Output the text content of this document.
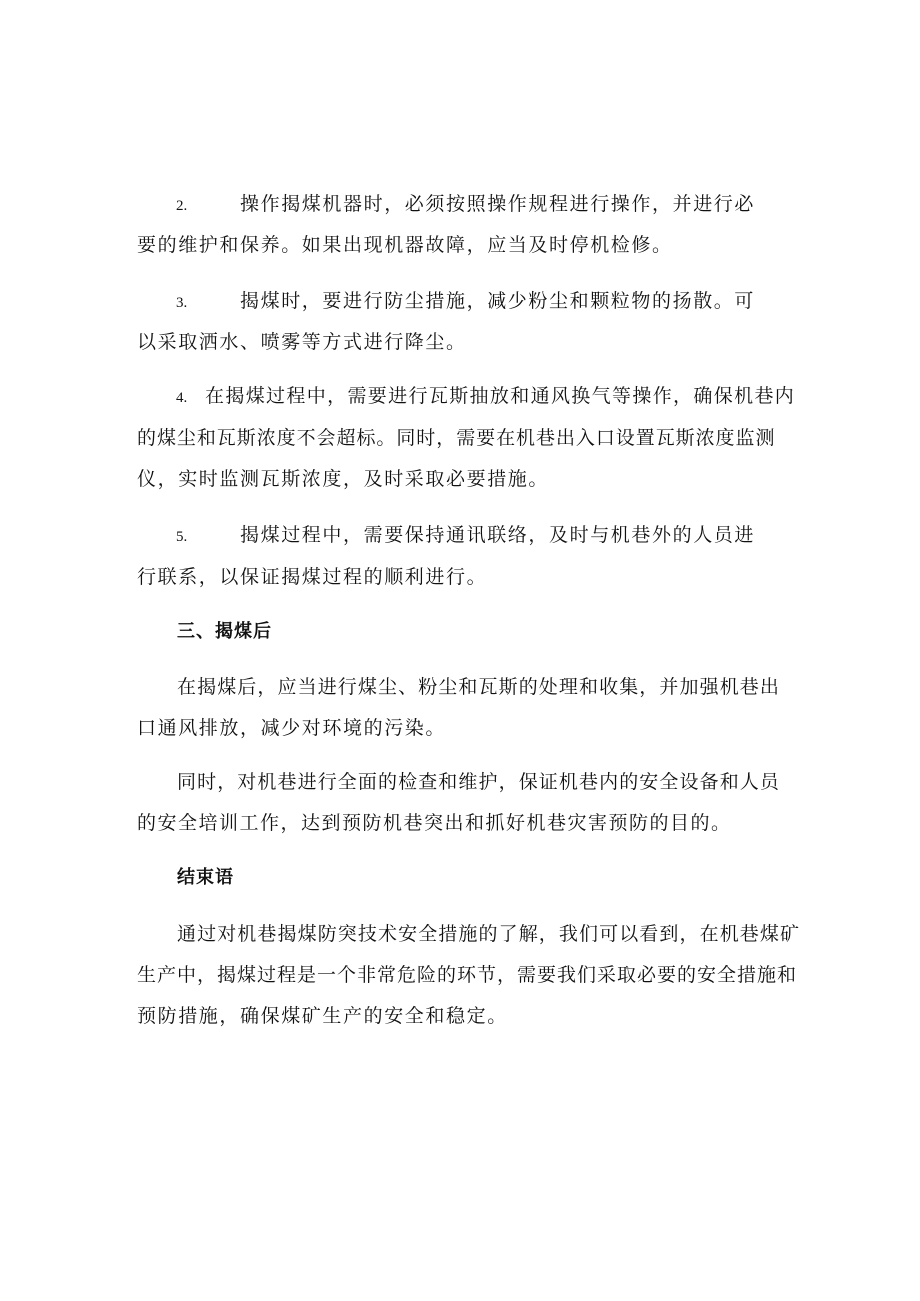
2.	操作揭煤机器时，必须按照操作规程进行操作，并进行必
要的维护和保养。如果出现机器故障，应当及时停机检修。
3.	揭煤时，要进行防尘措施，减少粉尘和颗粒物的扬散。可
以采取洒水、喷雾等方式进行降尘。
4. 在揭煤过程中，需要进行瓦斯抽放和通风换气等操作，确保机巷内
的煤尘和瓦斯浓度不会超标。同时，需要在机巷出入口设置瓦斯浓度监测
仪，实时监测瓦斯浓度，及时采取必要措施。
5.	揭煤过程中，需要保持通讯联络，及时与机巷外的人员进
行联系，以保证揭煤过程的顺利进行。
三、揭煤后
在揭煤后，应当进行煤尘、粉尘和瓦斯的处理和收集，并加强机巷出
口通风排放，减少对环境的污染。
同时，对机巷进行全面的检查和维护，保证机巷内的安全设备和人员
的安全培训工作，达到预防机巷突出和抓好机巷灾害预防的目的。
结束语
通过对机巷揭煤防突技术安全措施的了解，我们可以看到，在机巷煤矿
生产中，揭煤过程是一个非常危险的环节，需要我们采取必要的安全措施和
预防措施，确保煤矿生产的安全和稳定。
